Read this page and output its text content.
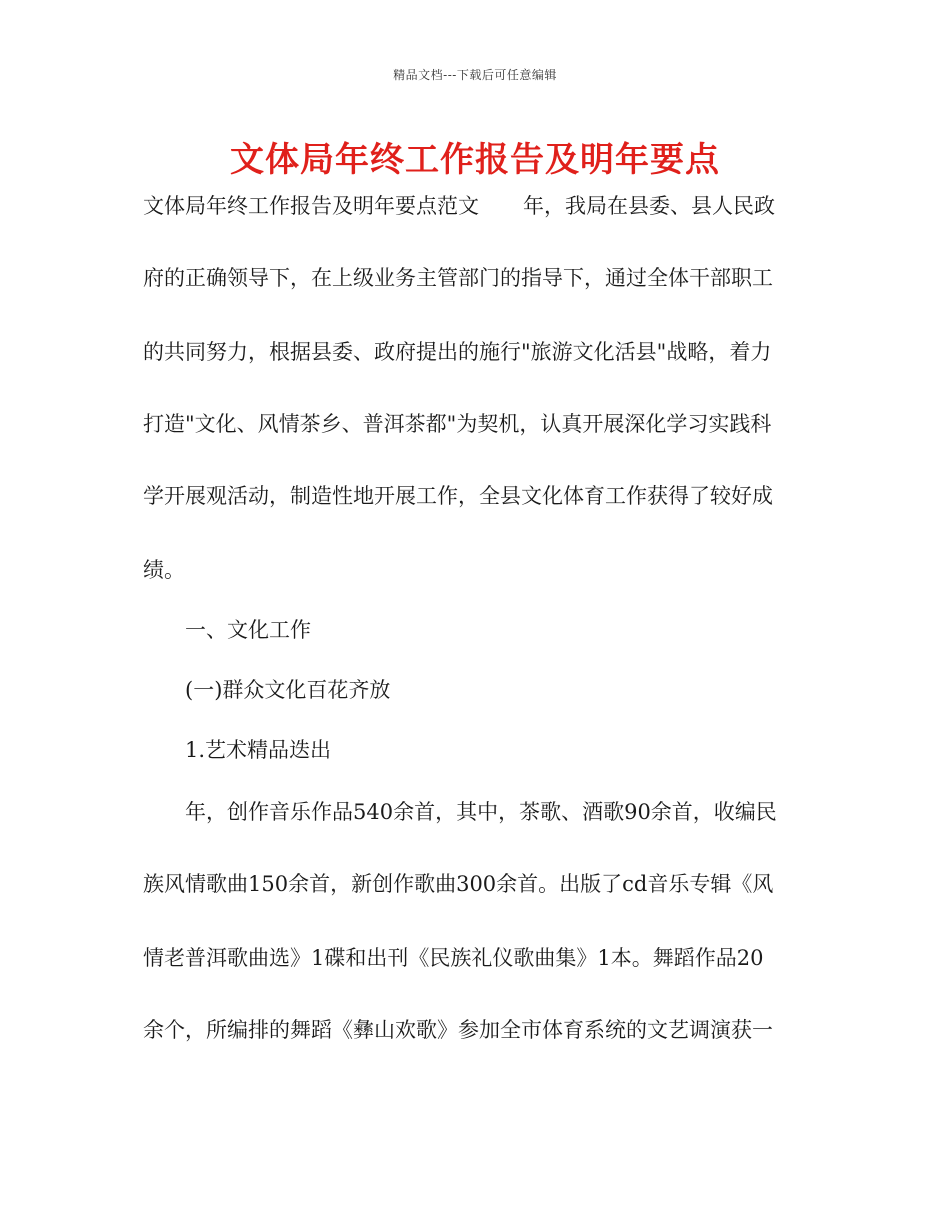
精品文档---下载后可任意编辑
文体局年终工作报告及明年要点
文体局年终工作报告及明年要点范文 年，我局在县委、县人民政
府的正确领导下，在上级业务主管部门的指导下，通过全体干部职工
的共同努力，根据县委、政府提出的施行"旅游文化活县"战略，着力
打造"文化、风情茶乡、普洱茶都"为契机，认真开展深化学习实践科
学开展观活动，制造性地开展工作，全县文化体育工作获得了较好成
绩。
一、文化工作
(一)群众文化百花齐放
1.艺术精品迭出
年，创作音乐作品540余首，其中，茶歌、酒歌90余首，收编民
族风情歌曲150余首，新创作歌曲300余首。出版了cd音乐专辑《风
情老普洱歌曲选》1碟和出刊《民族礼仪歌曲集》1本。舞蹈作品20
余个，所编排的舞蹈《彝山欢歌》参加全市体育系统的文艺调演获一
